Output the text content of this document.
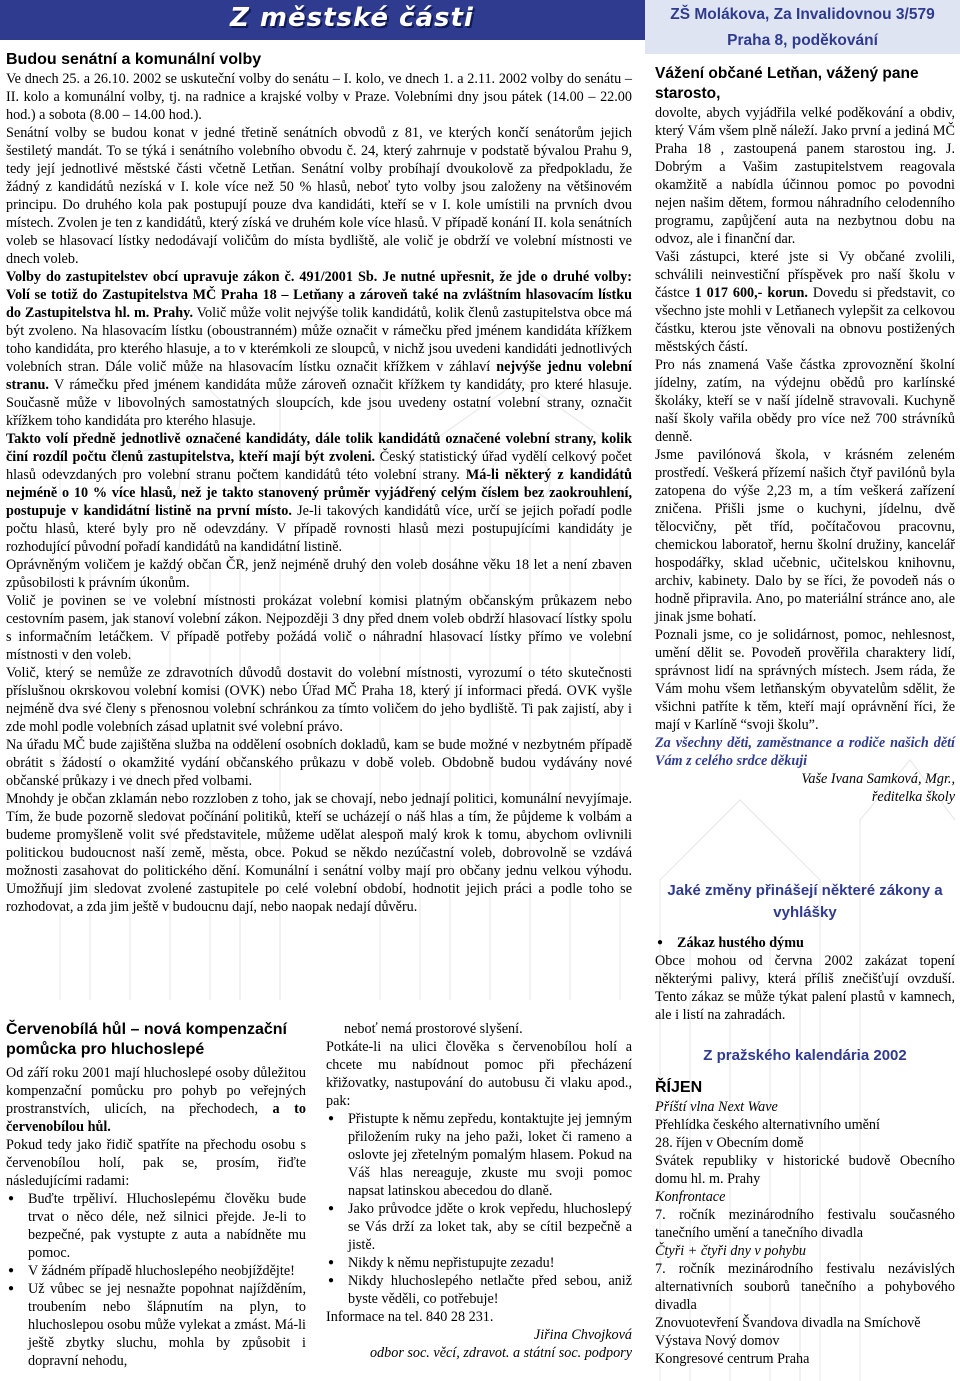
Z městské části	ZŠ Molákova, Za Invalidovnou 3/579

Praha 8, poděkování

Budou senátní a komunální volby

Ve dnech 25. a 26.10. 2002 se uskuteční volby do senátu – I. kolo, ve dnech 1. a 2.11. 2002 volby do senátu – II. kolo a komunální volby, tj. na radnice a krajské volby v Praze. Volebními dny jsou pátek (14.00 – 22.00 hod.) a sobota (8.00 – 14.00 hod.).

Senátní volby se budou konat v jedné třetině senátních obvodů z 81, ve kterých končí senátorům jejich šestiletý mandát. To se týká i senátního volebního obvodu č. 24, který zahrnuje v podstatě bývalou Prahu 9, tedy její jednotlivé městské části včetně Letňan. Senátní volby probíhají dvoukolově za předpokladu, že žádný z kandidátů nezíská v I. kole více než 50 % hlasů, neboť tyto volby jsou založeny na většinovém principu. Do druhého kola pak postupují pouze dva kandidáti, kteří se v I. kole umístili na prvních dvou místech. Zvolen je ten z kandidátů, který získá ve druhém kole více hlasů. V případě konání II. kola senátních voleb se hlasovací lístky nedodávají voličům do místa bydliště, ale volič je obdrží ve volební místnosti ve dnech voleb.

Volby do zastupitelstev obcí upravuje zákon č. 491/2001 Sb. Je nutné upřesnit, že jde o druhé volby: Volí se totiž do Zastupitelstva MČ Praha 18 – Letňany a zároveň také na zvláštním hlasovacím lístku do Zastupitelstva hl. m. Prahy. Volič může volit nejvýše tolik kandidátů, kolik členů zastupitelstva obce má být zvoleno. Na hlasovacím lístku (oboustranném) může označit v rámečku před jménem kandidáta křížkem toho kandidáta, pro kterého hlasuje, a to v kterémkoli ze sloupců, v nichž jsou uvedeni kandidáti jednotlivých volebních stran. Dále volič může na hlasovacím lístku označit křížkem v záhlaví nejvýše jednu volební stranu. V rámečku před jménem kandidáta může zároveň označit křížkem ty kandidáty, pro které hlasuje. Současně může v libovolných samostatných sloupcích, kde jsou uvedeny ostatní volební strany, označit křížkem toho kandidáta pro kterého hlasuje.

Takto volí předně jednotlivě označené kandidáty, dále tolik kandidátů označené volební strany, kolik činí rozdíl počtu členů zastupitelstva, kteří mají být zvoleni. Český statistický úřad vydělí celkový počet hlasů odevzdaných pro volební stranu počtem kandidátů této volební strany. Má-li některý z kandidátů nejméně o 10 % více hlasů, než je takto stanovený průměr vyjádřený celým číslem bez zaokrouhlení, postupuje v kandidátní listině na první místo. Je-li takových kandidátů více, určí se jejich pořadí podle počtu hlasů, které byly pro ně odevzdány. V případě rovnosti hlasů mezi postupujícími kandidáty je rozhodující původní pořadí kandidátů na kandidátní listině.

Oprávněným voličem je každý občan ČR, jenž nejméně druhý den voleb dosáhne věku 18 let a není zbaven způsobilosti k právním úkonům.

Volič je povinen se ve volební místnosti prokázat volební komisi platným občanským průkazem nebo cestovním pasem, jak stanoví volební zákon. Nejpozději 3 dny před dnem voleb obdrží hlasovací lístky spolu s informačním letáčkem. V případě potřeby požádá volič o náhradní hlasovací lístky přímo ve volební místnosti v den voleb.

Volič, který se nemůže ze zdravotních důvodů dostavit do volební místnosti, vyrozumí o této skutečnosti příslušnou okrskovou volební komisi (OVK) nebo Úřad MČ Praha 18, který jí informaci předá. OVK vyšle nejméně dva své členy s přenosnou volební schránkou za tímto voličem do jeho bydliště. Ti pak zajistí, aby i zde mohl podle volebních zásad uplatnit své volební právo.

Na úřadu MČ bude zajištěna služba na oddělení osobních dokladů, kam se bude možné v nezbytném případě obrátit s žádostí o okamžité vydání občanského průkazu v době voleb. Obdobně budou vydávány nové občanské průkazy i ve dnech před volbami.

Mnohdy je občan zklamán nebo rozzloben z toho, jak se chovají, nebo jednají politici, komunální nevyjímaje. Tím, že bude pozorně sledovat počínání politiků, kteří se ucházejí o náš hlas a tím, že půjdeme k volbám a budeme promyšleně volit své představitele, můžeme udělat alespoň malý krok k tomu, abychom ovlivnili politickou budoucnost naší země, města, obce. Pokud se někdo nezúčastní voleb, dobrovolně se vzdává možnosti zasahovat do politického dění. Komunální i senátní volby mají pro občany jednu velkou výhodu. Umožňují jim sledovat zvolené zastupitele po celé volební období, hodnotit jejich práci a podle toho se rozhodovat, a zda jim ještě v budoucnu dají, nebo naopak nedají důvěru.

Červenobílá hůl – nová kompenzační pomůcka pro hluchoslepé

Od září roku 2001 mají hluchoslepé osoby důležitou kompenzační pomůcku pro pohyb po veřejných prostranstvích, ulicích, na přechodech, a to červenobílou hůl.

Pokud tedy jako řidič spatříte na přechodu osobu s červenobílou holí, pak se, prosím, řiďte následujícími radami:

● Buďte trpěliví. Hluchoslepému člověku bude trvat o něco déle, než silnici přejde. Je-li to bezpečné, pak vystupte z auta a nabídněte mu pomoc.
● V žádném případě hluchoslepého neobjíždějte!
● Už vůbec se jej nesnažte popohnat najížděním, troubením nebo šlápnutím na plyn, to hluchoslepou osobu může vylekat a zmást. Má-li ještě zbytky sluchu, mohla by způsobit i dopravní nehodu,

neboť nemá prostorové slyšení.

Potkáte-li na ulici člověka s červenobílou holí a chcete mu nabídnout pomoc při přecházení křižovatky, nastupování do autobusu či vlaku apod., pak:

● Přistupte k němu zepředu, kontaktujte jej jemným přiložením ruky na jeho paži, loket či rameno a oslovte jej zřetelným pomalým hlasem. Pokud na Váš hlas nereaguje, zkuste mu svoji pomoc napsat latinskou abecedou do dlaně.
● Jako průvodce jděte o krok vepředu, hluchoslepý se Vás drží za loket tak, aby se cítil bezpečně a jistě.
● Nikdy k němu nepřistupujte zezadu!
● Nikdy hluchoslepého netlačte před sebou, aniž byste věděli, co potřebuje!

Informace na tel. 840 28 231.

Jiřina Chvojková

odbor soc. věcí, zdravot. a státní soc. podpory

Vážení občané Letňan, vážený pane starosto,

dovolte, abych vyjádřila velké poděkování a obdiv, který Vám všem plně náleží. Jako první a jediná MČ Praha 18 , zastoupená panem starostou ing. J. Dobrým a Vašim zastupitelstvem reagovala okamžitě a nabídla účinnou pomoc po povodni nejen našim dětem, formou náhradního celodenního programu, zapůjčení auta na nezbytnou dobu na odvoz, ale i finanční dar.

Vaši zástupci, které jste si Vy občané zvolili, schválili neinvestiční příspěvek pro naší školu v částce 1 017 600,- korun. Dovedu si představit, co všechno jste mohli v Letňanech vylepšit za celkovou částku, kterou jste věnovali na obnovu postižených městských částí.

Pro nás znamená Vaše částka zprovoznění školní jídelny, zatím, na výdejnu obědů pro karlínské školáky, kteří se v naší jídelně stravovali. Kuchyně naší školy vařila obědy pro více než 700 strávníků denně.

Jsme pavilónová škola, v krásném zeleném prostředí. Veškerá přízemí našich čtyř pavilónů byla zatopena do výše 2,23 m, a tím veškerá zařízení zničena. Přišli jsme o kuchyni, jídelnu, dvě tělocvičny, pět tříd, počítačovou pracovnu, chemickou laboratoř, hernu školní družiny, kancelář hospodářky, sklad učebnic, učitelskou knihovnu, archiv, kabinety. Dalo by se říci, že povodeň nás o hodně připravila. Ano, po materiální stránce ano, ale jinak jsme bohatí.

Poznali jsme, co je solidárnost, pomoc, nehlesnost, umění dělit se. Povodeň prověřila charaktery lidí, správnost lidí na správných místech. Jsem ráda, že Vám mohu všem letňanským obyvatelům sdělit, že všichni patříte k těm, kteří mají oprávnění říci, že mají v Karlíně “svoji školu”.

Za všechny děti, zaměstnance a rodiče našich dětí Vám z celého srdce děkuji

Vaše Ivana Samková, Mgr.,

ředitelka školy

Jaké změny přinášejí některé zákony a vyhlášky

● Zákaz hustého dýmu

Obce mohou od června 2002 zakázat topení některými palivy, která příliš znečišťují ovzduší. Tento zákaz se může týkat palení plastů v kamnech, ale i listí na zahradách.

Z pražského kalendária 2002

ŘÍJEN

Příští vlna Next Wave

Přehlídka českého alternativního umění

28. říjen v Obecním domě

Svátek republiky v historické budově Obecního domu hl. m. Prahy

Konfrontace

7. ročník mezinárodního festivalu současného tanečního umění a tanečního divadla

Čtyři + čtyři dny v pohybu

7. ročník mezinárodního festivalu nezávislých alternativních souborů tanečního a pohybového divadla

Znovuotevření Švandova divadla na Smíchově

Výstava Nový domov

Kongresové centrum Praha
